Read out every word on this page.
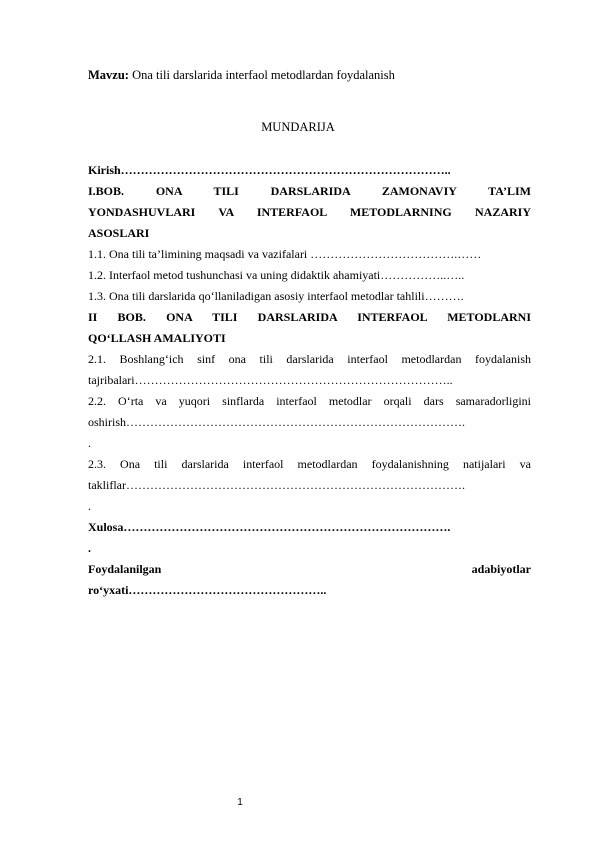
Mavzu: Ona tili darslarida interfaol metodlardan foydalanish
MUNDARIJA
Kirish………………………………………………………………………..
I.BOB. ONA TILI DARSLARIDA ZAMONAVIY TA’LIM
YONDASHUVLARI VA INTERFAOL METODLARNING NAZARIY
ASOSLARI
1.1. Ona tili ta’limining maqsadi va vazifalari ……………………………….……
1.2. Interfaol metod tushunchasi va uning didaktik ahamiyati……………..…..
1.3. Ona tili darslarida qo‘llaniladigan asosiy interfaol metodlar tahlili……….
II BOB. ONA TILI DARSLARIDA INTERFAOL METODLARNI
QO‘LLASH AMALIYOTI
2.1. Boshlang‘ich sinf ona tili darslarida interfaol metodlardan foydalanish
tajribalari……………………………………………………………………..
2.2. O‘rta va yuqori sinflarda interfaol metodlar orqali dars samaradorligini
oshirish………………………………………………………………………….
.
2.3. Ona tili darslarida interfaol metodlardan foydalanishning natijalari va
takliflar………………………………………………………………………….
.
Xulosa……………………………………………………………………….
.
Foydalanilgan	adabiyotlar
ro‘yxati…………………………………………..
1
